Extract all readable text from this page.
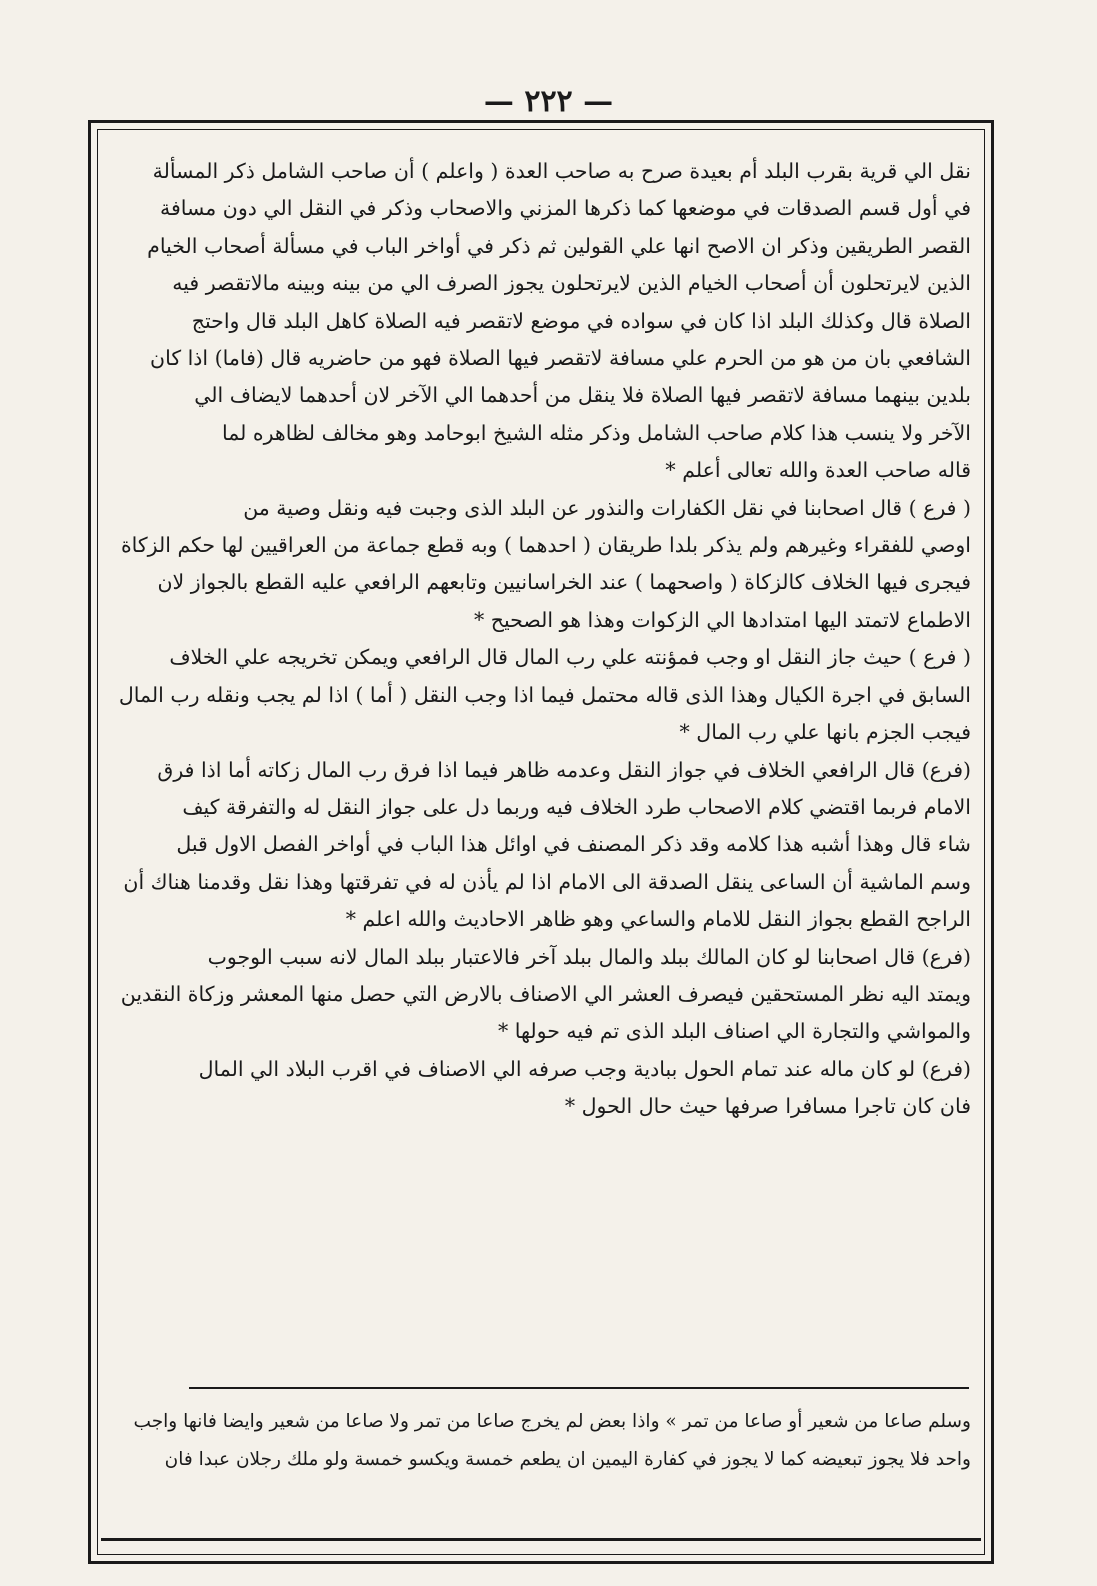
— ٢٢٢ —

نقل الي قرية بقرب البلد أم بعيدة صرح به صاحب العدة ( واعلم ) أن صاحب الشامل ذكر المسألة

في أول قسم الصدقات في موضعها كما ذكرها المزني والاصحاب وذكر في النقل الي دون مسافة

القصر الطريقين وذكر ان الاصح انها علي القولين ثم ذكر في أواخر الباب في مسألة أصحاب الخيام

الذين لايرتحلون أن أصحاب الخيام الذين لايرتحلون يجوز الصرف الي من بينه وبينه مالاتقصر فيه

الصلاة قال وكذلك البلد اذا كان في سواده في موضع لاتقصر فيه الصلاة كاهل البلد قال واحتج

الشافعي بان من هو من الحرم علي مسافة لاتقصر فيها الصلاة فهو من حاضريه قال (فاما) اذا كان

بلدين بينهما مسافة لاتقصر فيها الصلاة فلا ينقل من أحدهما الي الآخر لان أحدهما لايضاف الي

الآخر ولا ينسب هذا كلام صاحب الشامل وذكر مثله الشيخ ابوحامد وهو مخالف لظاهره لما

قاله صاحب العدة والله تعالى أعلم *

( فرع ) قال اصحابنا في نقل الكفارات والنذور عن البلد الذى وجبت فيه ونقل وصية من

اوصي للفقراء وغيرهم ولم يذكر بلدا طريقان ( احدهما ) وبه قطع جماعة من العراقيين لها حكم الزكاة

فيجرى فيها الخلاف كالزكاة ( واصحهما ) عند الخراسانيين وتابعهم الرافعي عليه القطع بالجواز لان

الاطماع لاتمتد اليها امتدادها الي الزكوات وهذا هو الصحيح *

( فرع ) حيث جاز النقل او وجب فمؤنته علي رب المال قال الرافعي ويمكن تخريجه علي الخلاف

السابق في اجرة الكيال وهذا الذى قاله محتمل فيما اذا وجب النقل ( أما ) اذا لم يجب ونقله رب المال

فيجب الجزم بانها علي رب المال *

(فرع) قال الرافعي الخلاف في جواز النقل وعدمه ظاهر فيما اذا فرق رب المال زكاته أما اذا فرق

الامام فربما اقتضي كلام الاصحاب طرد الخلاف فيه وربما دل على جواز النقل له والتفرقة كيف

شاء قال وهذا أشبه هذا كلامه وقد ذكر المصنف في اوائل هذا الباب في أواخر الفصل الاول قبل

وسم الماشية أن الساعى ينقل الصدقة الى الامام اذا لم يأذن له في تفرقتها وهذا نقل وقدمنا هناك أن

الراجح القطع بجواز النقل للامام والساعي وهو ظاهر الاحاديث والله اعلم *

(فرع) قال اصحابنا لو كان المالك ببلد والمال ببلد آخر فالاعتبار ببلد المال لانه سبب الوجوب

ويمتد اليه نظر المستحقين فيصرف العشر الي الاصناف بالارض التي حصل منها المعشر وزكاة النقدين

والمواشي والتجارة الي اصناف البلد الذى تم فيه حولها *

(فرع) لو كان ماله عند تمام الحول ببادية وجب صرفه الي الاصناف في اقرب البلاد الي المال

فان كان تاجرا مسافرا صرفها حيث حال الحول *

وسلم صاعا من شعير أو صاعا من تمر » واذا بعض لم يخرج صاعا من تمر ولا صاعا من شعير وايضا فانها واجب

واحد فلا يجوز تبعيضه كما لا يجوز في كفارة اليمين ان يطعم خمسة ويكسو خمسة ولو ملك رجلان عبدا فان
